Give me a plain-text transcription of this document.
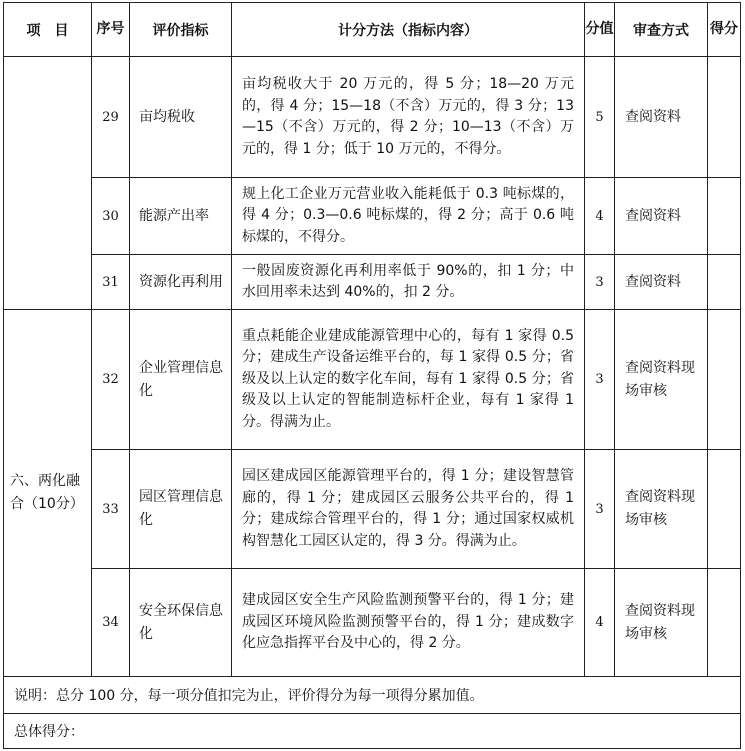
项　目	序号	评价指标	计分方法（指标内容）	分值	审查方式	得分
	29	亩均税收	亩均税收大于 20 万元的，得 5 分；18—20 万元的，得 4 分；15—18（不含）万元的，得 3 分；13—15（不含）万元的，得 2 分；10—13（不含）万元的，得 1 分；低于 10 万元的，不得分。	5	查阅资料	
	30	能源产出率	规上化工企业万元营业收入能耗低于 0.3 吨标煤的，得 4 分；0.3—0.6 吨标煤的，得 2 分；高于 0.6 吨标煤的，不得分。	4	查阅资料	
	31	资源化再利用	一般固废资源化再利用率低于 90%的，扣 1 分；中水回用率未达到 40%的，扣 2 分。	3	查阅资料	
六、两化融合（10分）	32	企业管理信息化	重点耗能企业建成能源管理中心的，每有 1 家得 0.5 分；建成生产设备运维平台的，每 1 家得 0.5 分；省级及以上认定的数字化车间，每有 1 家得 0.5 分；省级及以上认定的智能制造标杆企业，每有 1 家得 1 分。得满为止。	3	查阅资料现场审核	
	33	园区管理信息化	园区建成园区能源管理平台的，得 1 分；建设智慧管廊的，得 1 分；建成园区云服务公共平台的，得 1 分；建成综合管理平台的，得 1 分；通过国家权威机构智慧化工园区认定的，得 3 分。得满为止。	3	查阅资料现场审核	
	34	安全环保信息化	建成园区安全生产风险监测预警平台的，得 1 分；建成园区环境风险监测预警平台的，得 1 分；建成数字化应急指挥平台及中心的，得 2 分。	4	查阅资料现场审核	
说明：总分 100 分，每一项分值扣完为止，评价得分为每一项得分累加值。						
总体得分：						
